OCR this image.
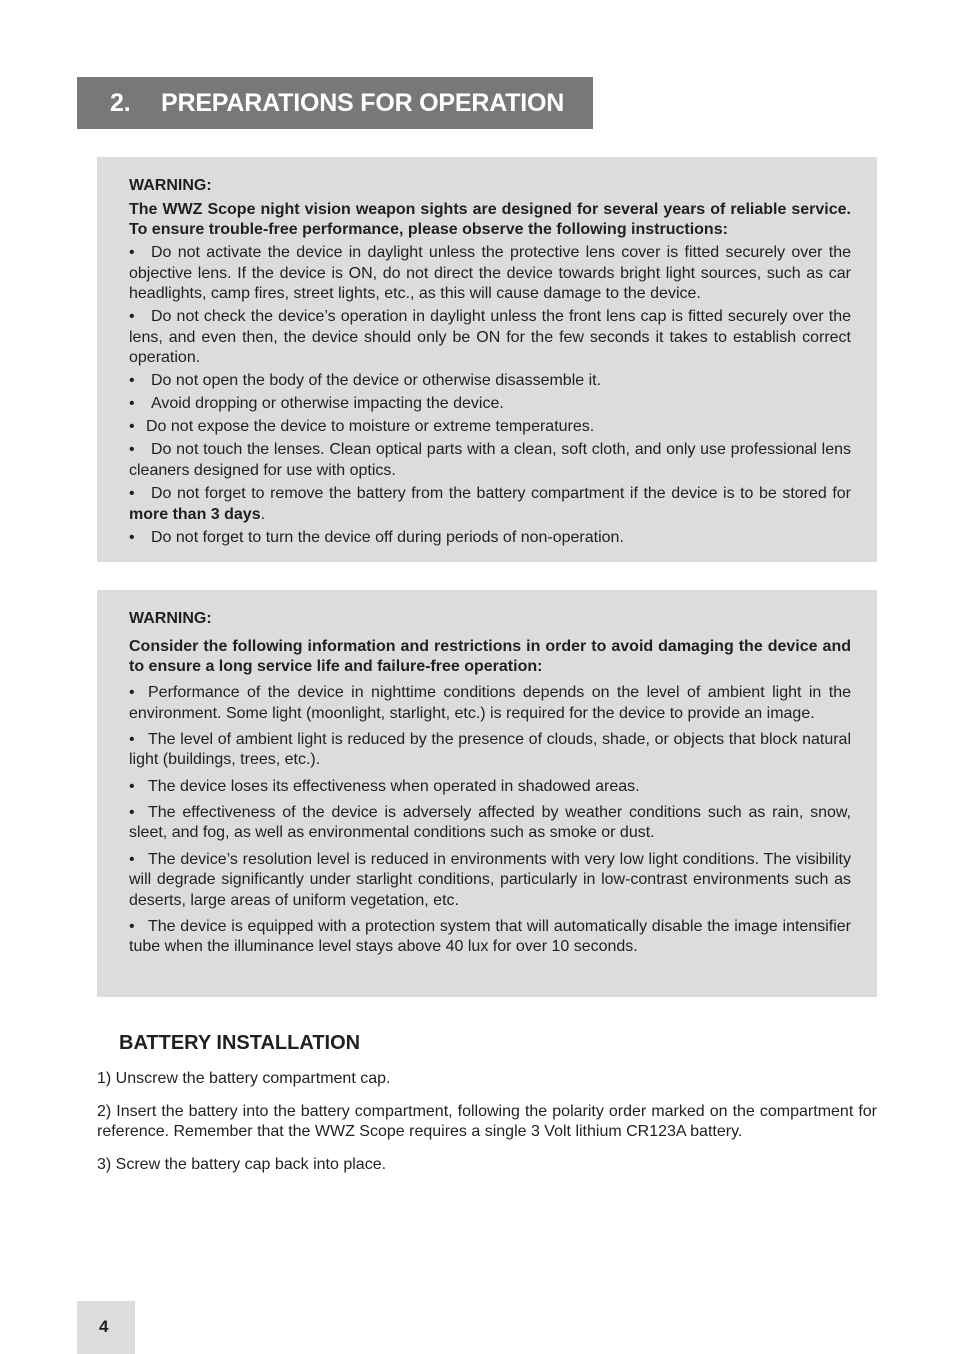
2.	PREPARATIONS FOR OPERATION

WARNING:

The WWZ Scope night vision weapon sights are designed for several years of reliable service. To ensure trouble-free performance, please observe the following instructions:

• Do not activate the device in daylight unless the protective lens cover is fitted securely over the objective lens. If the device is ON, do not direct the device towards bright light sources, such as car headlights, camp fires, street lights, etc., as this will cause damage to the device.
• Do not check the device’s operation in daylight unless the front lens cap is fitted securely over the lens, and even then, the device should only be ON for the few seconds it takes to establish correct operation.
• Do not open the body of the device or otherwise disassemble it.
• Avoid dropping or otherwise impacting the device.
• Do not expose the device to moisture or extreme temperatures.
• Do not touch the lenses. Clean optical parts with a clean, soft cloth, and only use professional lens cleaners designed for use with optics.
• Do not forget to remove the battery from the battery compartment if the device is to be stored for more than 3 days.
• Do not forget to turn the device off during periods of non-operation.

WARNING:

Consider the following information and restrictions in order to avoid damaging the device and to ensure a long service life and failure-free operation:

• Performance of the device in nighttime conditions depends on the level of ambient light in the environment. Some light (moonlight, starlight, etc.) is required for the device to provide an image.
• The level of ambient light is reduced by the presence of clouds, shade, or objects that block natural light (buildings, trees, etc.).
• The device loses its effectiveness when operated in shadowed areas.
• The effectiveness of the device is adversely affected by weather conditions such as rain, snow, sleet, and fog, as well as environmental conditions such as smoke or dust.
• The device’s resolution level is reduced in environments with very low light conditions. The visibility will degrade significantly under starlight conditions, particularly in low-contrast environments such as deserts, large areas of uniform vegetation, etc.
• The device is equipped with a protection system that will automatically disable the image intensifier tube when the illuminance level stays above 40 lux for over 10 seconds.
BATTERY INSTALLATION

1) Unscrew the battery compartment cap.

2) Insert the battery into the battery compartment, following the polarity order marked on the compartment for reference. Remember that the WWZ Scope requires a single 3 Volt lithium CR123A battery.

3) Screw the battery cap back into place.

4
